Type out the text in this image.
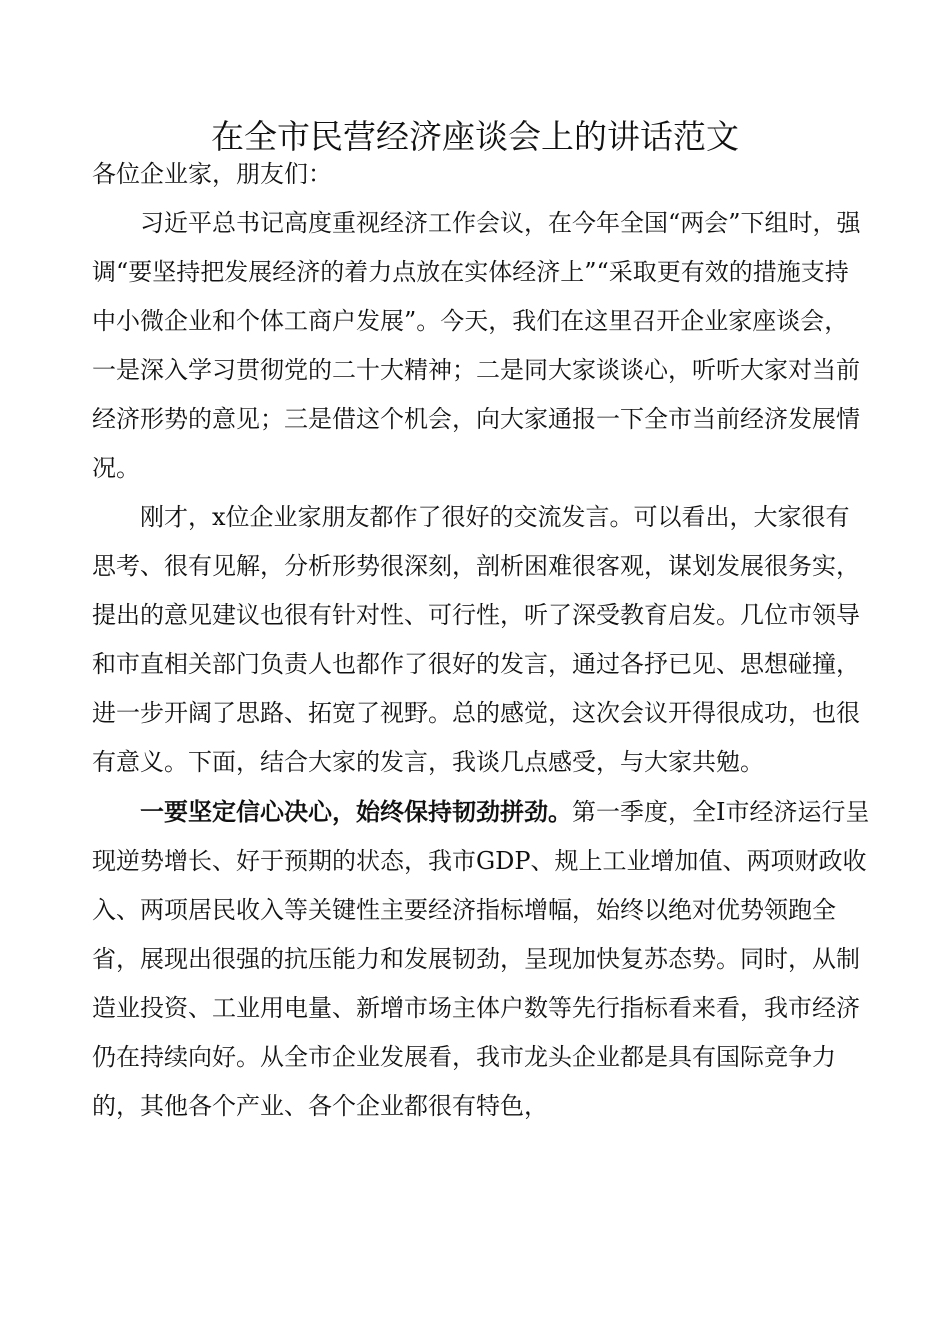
在全市民营经济座谈会上的讲话范文

各位企业家，朋友们：

习近平总书记高度重视经济工作会议，在今年全国“两会”下组时，强调“要坚持把发展经济的着力点放在实体经济上”“采取更有效的措施支持中小微企业和个体工商户发展”。今天，我们在这里召开企业家座谈会，一是深入学习贯彻党的二十大精神；二是同大家谈谈心，听听大家对当前经济形势的意见；三是借这个机会，向大家通报一下全市当前经济发展情况。

刚才，x位企业家朋友都作了很好的交流发言。可以看出，大家很有思考、很有见解，分析形势很深刻，剖析困难很客观，谋划发展很务实，提出的意见建议也很有针对性、可行性，听了深受教育启发。几位市领导和市直相关部门负责人也都作了很好的发言，通过各抒已见、思想碰撞，进一步开阔了思路、拓宽了视野。总的感觉，这次会议开得很成功，也很有意义。下面，结合大家的发言，我谈几点感受，与大家共勉。

一要坚定信心决心，始终保持韧劲拼劲。第一季度，全I市经济运行呈现逆势增长、好于预期的状态，我市GDP、规上工业增加值、两项财政收入、两项居民收入等关键性主要经济指标增幅，始终以绝对优势领跑全省，展现出很强的抗压能力和发展韧劲，呈现加快复苏态势。同时，从制造业投资、工业用电量、新增市场主体户数等先行指标看来看，我市经济仍在持续向好。从全市企业发展看，我市龙头企业都是具有国际竞争力的，其他各个产业、各个企业都很有特色，
